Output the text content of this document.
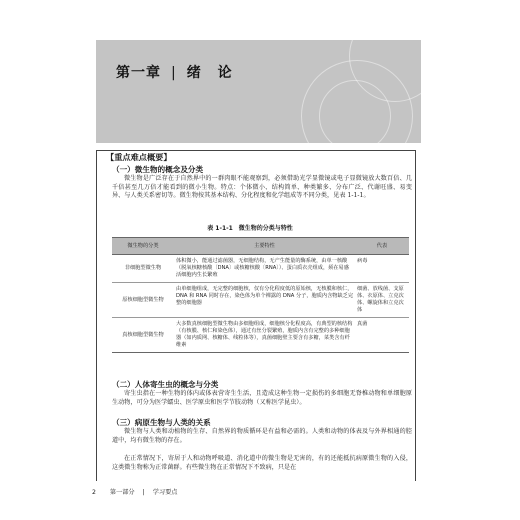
第一章 | 绪 论
【重点难点概要】
（一）微生物的概念及分类
微生物是广泛存在于自然界中的一群肉眼不能观察到，必须借助光学显微镜或电子显微镜放大数百倍、几千倍甚至几万倍才能看到的微小生物。特点：个体微小、结构简单、种类繁多、分布广泛、代谢旺盛、易变异、与人类关系密切等。微生物按其基本结构、分化程度和化学组成等不同分类，见表 1-1-1。
表 1-1-1　微生物的分类与特性
微生物的分类	主要特性	代表
非细胞型微生物	体积微小，能通过滤菌器，无细胞结构，无产生能量的酶系统，由单一核酸（脱氧核糖核酸〔DNA〕或核糖核酸〔RNA〕）、蛋白质衣壳组成，须在易感活细胞内生长繁殖	病毒
原核细胞型微生物	由单细胞组成，无完整的细胞核，仅有分化程度低的原始核，无核膜和核仁，DNA 和 RNA 同时存在，染色体为单个裸露的 DNA 分子，胞质内含物缺乏完整的细胞器	细菌、放线菌、支原体、衣原体、立克次体、螺旋体和立克次体
真核细胞型微生物	大多数真核细胞型微生物由多细胞组成，细胞核分化程度高，有典型的核结构（有核膜、核仁和染色体），通过有丝分裂繁殖，胞质内含有完整的多种细胞器（如内质网、核糖体、线粒体等），真菌细胞壁主要含有多糖，菜类含有纤维素	真菌
（二）人体寄生虫的概念与分类
寄生虫指在一种生物的体内或体表营寄生生活，且造成这种生物一定损伤的多细胞无脊椎动物和单细胞原生动物，可分为医学蠕虫、医学原虫和医学节肢动物（又称医学昆虫）。
（三）病原生物与人类的关系
微生物与人类和动植物的生存、自然界的物质循环是有益和必需的。人类和动物的体表及与外界相通的腔道中，均有微生物的存在。
在正常情况下，寄居于人和动物呼吸道、消化道中的微生物是无害的，有的还能抵抗病原微生物的入侵，这类微生物称为正常菌群。有些微生物在正常情况下不致病，只是在
2 第一部分 | 学习要点
